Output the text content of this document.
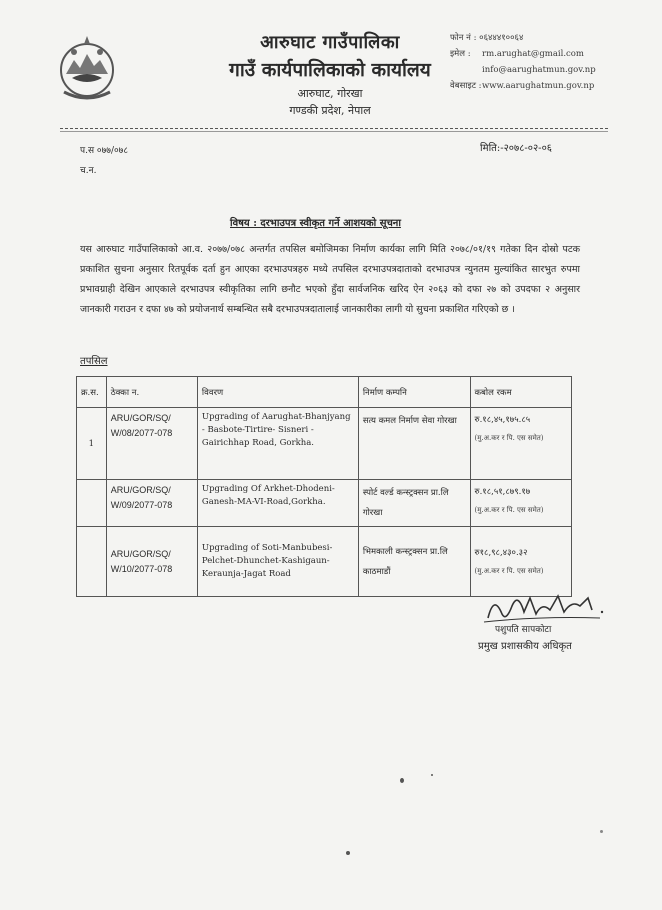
आरुघाट गाउँपालिका
गाउँ कार्यपालिकाको कार्यालय
आरुघाट, गोरखा
गण्डकी प्रदेश, नेपाल
फोन नं : ०६४४४१००६४
इमेल : rm.arughat@gmail.com
info@aarughatmun.gov.np
वेबसाइट :www.aarughatmun.gov.np
प.स ०७७/०७८
च.न.
मिति:-२०७८-०२-०६
विषय : दरभाउपत्र स्वीकृत गर्ने आशयको सूचना
यस आरुघाट गाउँपालिकाको आ.व. २०७७/०७८ अन्तर्गत तपसिल बमोजिमका निर्माण कार्यका लागि मिति २०७८/०१/१९ गतेका दिन दोस्रो पटक प्रकाशित सुचना अनुसार रितपूर्वक दर्ता हुन आएका दरभाउपत्रहरु मध्ये तपसिल दरभाउपत्रदाताको दरभाउपत्र न्युनतम मुल्यांकित सारभुत रुपमा प्रभावग्राही देखिन आएकाले दरभाउपत्र स्वीकृतिका लागि छनौट भएको हुँदा सार्वजनिक खरिद ऐन २०६३ को दफा २७ को उपदफा २ अनुसार जानकारी गराउन र दफा ४७ को प्रयोजनार्थ सम्बन्धित सबै दरभाउपत्रदातालाई जानकारीका लागी यो सुचना प्रकाशित गरिएको छ ।
तपसिल
क्र.स.	ठेक्का न.	विवरण	निर्माण कम्पनि	कबोल रकम
1	ARU/GOR/SQ/ W/08/2077-078	Upgrading of Aarughat-Bhanjyang - Basbote-Tirtire- Sisneri - Gairichhap Road, Gorkha.	सत्य कमल निर्माण सेवा गोरखा	रु.१८,४५,१७५.८५
(मु.अ.कर र पि. एस समेत)

	ARU/GOR/SQ/ W/09/2077-078	Upgrading Of Arkhet-Dhodeni-Ganesh-MA-VI-Road,Gorkha.	स्पोर्ट वर्ल्ड कन्स्ट्रक्सन प्रा.लि गोरखा	रु.१८,५१,८७९.१७
(मु.अ.कर र पि. एस समेत)

	ARU/GOR/SQ/ W/10/2077-078	Upgrading of Soti-Manbubesi-Pelchet-Dhunchet-Kashigaun-Keraunja-Jagat Road	भिमकाली कन्स्ट्रक्सन प्रा.लि काठमाडौं	रु१८,९८,४३०.३२
(मु.अ.कर र पि. एस समेत)
पशुपति सापकोटा
प्रमुख प्रशासकीय अधिकृत
